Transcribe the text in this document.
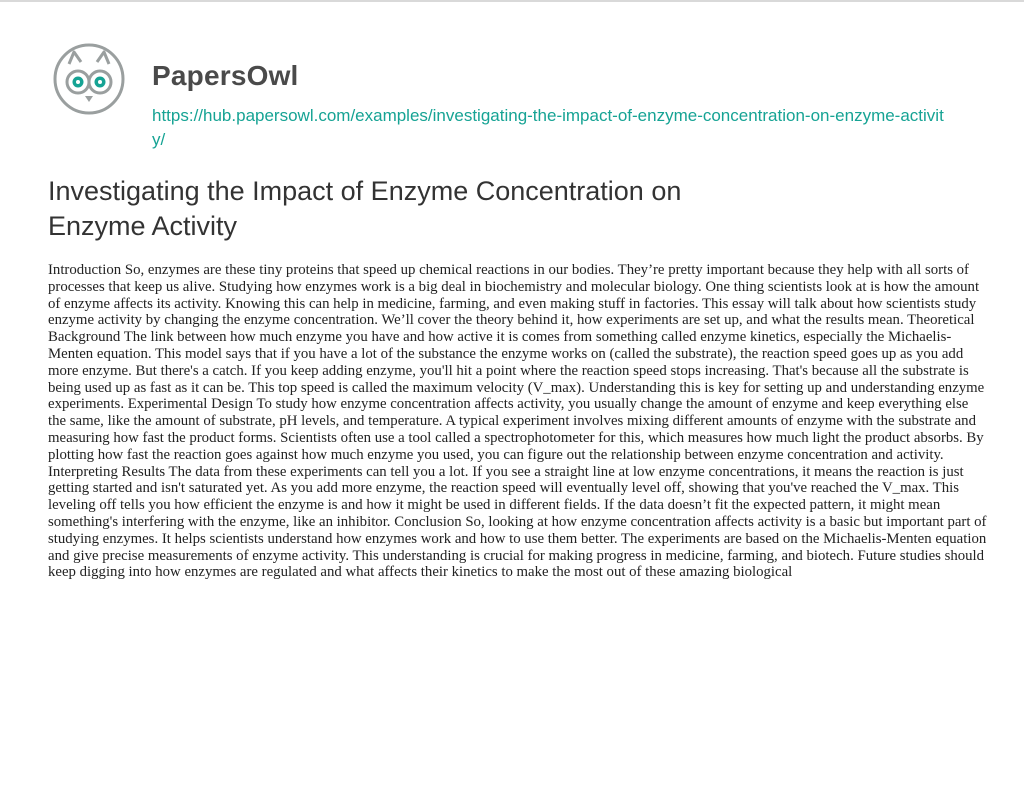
PapersOwl
https://hub.papersowl.com/examples/investigating-the-impact-of-enzyme-concentration-on-enzyme-activity/
Investigating the Impact of Enzyme Concentration on Enzyme Activity

Introduction So, enzymes are these tiny proteins that speed up chemical reactions in our bodies. They’re pretty important because they help with all sorts of processes that keep us alive. Studying how enzymes work is a big deal in biochemistry and molecular biology. One thing scientists look at is how the amount of enzyme affects its activity. Knowing this can help in medicine, farming, and even making stuff in factories. This essay will talk about how scientists study enzyme activity by changing the enzyme concentration. We’ll cover the theory behind it, how experiments are set up, and what the results mean. Theoretical Background The link between how much enzyme you have and how active it is comes from something called enzyme kinetics, especially the Michaelis-Menten equation. This model says that if you have a lot of the substance the enzyme works on (called the substrate), the reaction speed goes up as you add more enzyme. But there's a catch. If you keep adding enzyme, you'll hit a point where the reaction speed stops increasing. That's because all the substrate is being used up as fast as it can be. This top speed is called the maximum velocity (V_max). Understanding this is key for setting up and understanding enzyme experiments. Experimental Design To study how enzyme concentration affects activity, you usually change the amount of enzyme and keep everything else the same, like the amount of substrate, pH levels, and temperature. A typical experiment involves mixing different amounts of enzyme with the substrate and measuring how fast the product forms. Scientists often use a tool called a spectrophotometer for this, which measures how much light the product absorbs. By plotting how fast the reaction goes against how much enzyme you used, you can figure out the relationship between enzyme concentration and activity. Interpreting Results The data from these experiments can tell you a lot. If you see a straight line at low enzyme concentrations, it means the reaction is just getting started and isn't saturated yet. As you add more enzyme, the reaction speed will eventually level off, showing that you've reached the V_max. This leveling off tells you how efficient the enzyme is and how it might be used in different fields. If the data doesn’t fit the expected pattern, it might mean something's interfering with the enzyme, like an inhibitor. Conclusion So, looking at how enzyme concentration affects activity is a basic but important part of studying enzymes. It helps scientists understand how enzymes work and how to use them better. The experiments are based on the Michaelis-Menten equation and give precise measurements of enzyme activity. This understanding is crucial for making progress in medicine, farming, and biotech. Future studies should keep digging into how enzymes are regulated and what affects their kinetics to make the most out of these amazing biological
